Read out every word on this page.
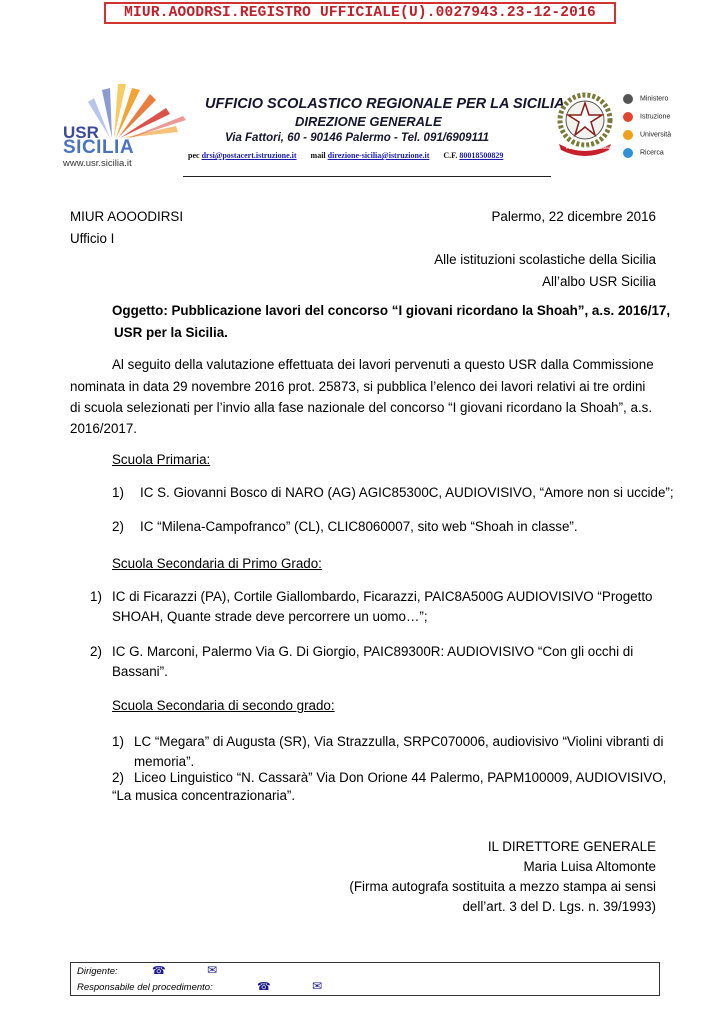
MIUR.AOODRSI.REGISTRO UFFICIALE(U).0027943.23-12-2016
USR
SICILIA
www.usr.sicilia.it
UFFICIO SCOLASTICO REGIONALE PER LA SICILIA
DIREZIONE GENERALE
Via Fattori, 60 - 90146 Palermo - Tel. 091/6909111
pec drsi@postacert.istruzione.it mail direzione-sicilia@istruzione.it C.F. 80018500829
REPUBBLICA ITALIANA
Ministero
Istruzione
Università
Ricerca
MIUR AOOODIRSI
Ufficio I
Palermo, 22 dicembre 2016
Alle istituzioni scolastiche della Sicilia
All’albo USR Sicilia
Oggetto: Pubblicazione lavori del concorso “I giovani ricordano la Shoah”, a.s. 2016/17,
USR per la Sicilia.
Al seguito della valutazione effettuata dei lavori pervenuti a questo USR dalla Commissione
nominata in data 29 novembre 2016 prot. 25873, si pubblica l’elenco dei lavori relativi ai tre ordini
di scuola selezionati per l’invio alla fase nazionale del concorso “I giovani ricordano la Shoah”, a.s.
2016/2017.
Scuola Primaria:
1) IC S. Giovanni Bosco di NARO (AG) AGIC85300C, AUDIOVISIVO, “Amore non si uccide”;
2) IC “Milena-Campofranco” (CL), CLIC8060007, sito web “Shoah in classe”.
Scuola Secondaria di Primo Grado:
1) IC di Ficarazzi (PA), Cortile Giallombardo, Ficarazzi, PAIC8A500G AUDIOVISIVO “Progetto
SHOAH, Quante strade deve percorrere un uomo…”;
2) IC G. Marconi, Palermo Via G. Di Giorgio, PAIC89300R: AUDIOVISIVO “Con gli occhi di
Bassani”.
Scuola Secondaria di secondo grado:
1) LC “Megara” di Augusta (SR), Via Strazzulla, SRPC070006, audiovisivo “Violini vibranti di
memoria”.
2) Liceo Linguistico “N. Cassarà” Via Don Orione 44 Palermo, PAPM100009, AUDIOVISIVO,
“La musica concentrazionaria”.
IL DIRETTORE GENERALE
Maria Luisa Altomonte
(Firma autografa sostituita a mezzo stampa ai sensi
dell’art. 3 del D. Lgs. n. 39/1993)
Dirigente:	☎	✉
Responsabile del procedimento:	☎	✉
